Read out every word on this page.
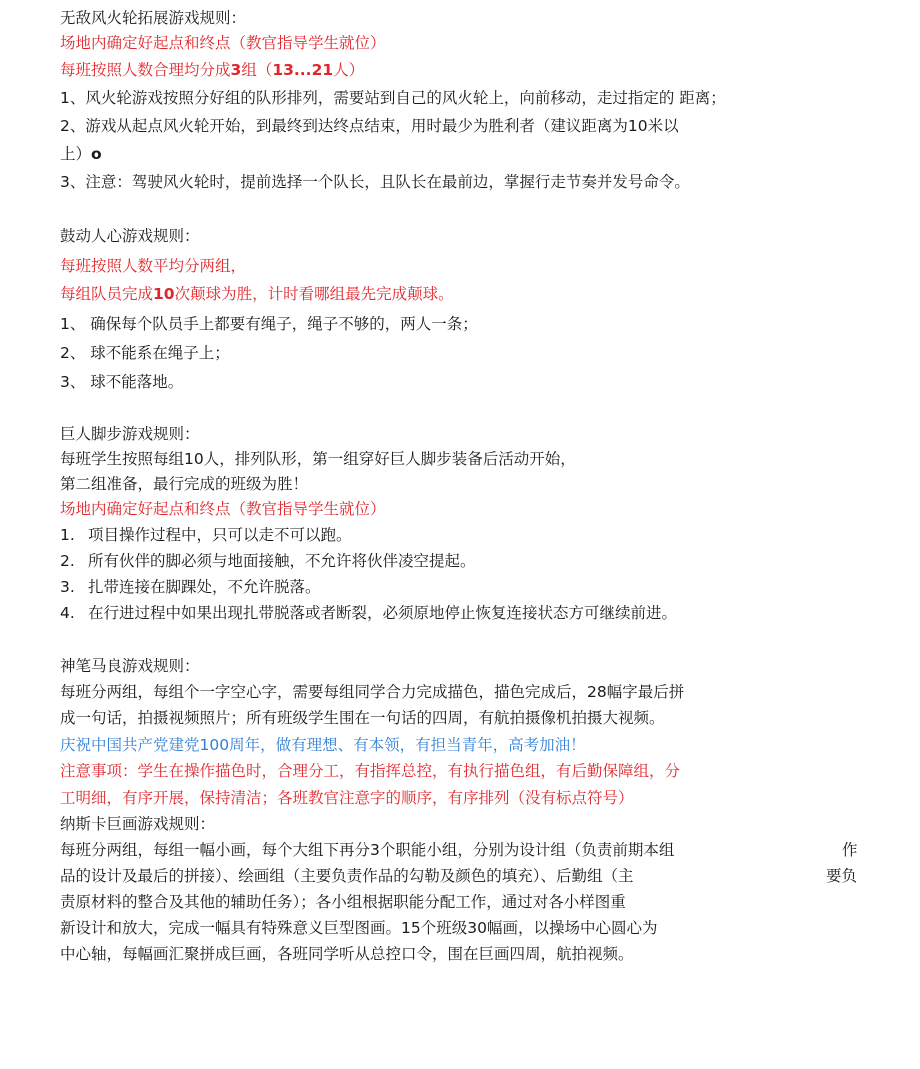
无敌风火轮拓展游戏规则：
场地内确定好起点和终点（教官指导学生就位）
每班按照人数合理均分成3组（13...21人）
1、风火轮游戏按照分好组的队形排列，需要站到自己的风火轮上，向前移动，走过指定的 距离；
2、游戏从起点风火轮开始，到最终到达终点结束，用时最少为胜利者（建议距离为10米以
上）o
3、注意：驾驶风火轮时，提前选择一个队长，且队长在最前边，掌握行走节奏并发号命令。
鼓动人心游戏规则：
每班按照人数平均分两组，
每组队员完成10次颠球为胜，计时看哪组最先完成颠球。
1、 确保每个队员手上都要有绳子，绳子不够的，两人一条；
2、 球不能系在绳子上；
3、 球不能落地。
巨人脚步游戏规则：
每班学生按照每组10人，排列队形，第一组穿好巨人脚步装备后活动开始，
第二组准备，最行完成的班级为胜！
场地内确定好起点和终点（教官指导学生就位）
1. 项目操作过程中，只可以走不可以跑。
2. 所有伙伴的脚必须与地面接触，不允许将伙伴凌空提起。
3. 扎带连接在脚踝处，不允许脱落。
4. 在行进过程中如果出现扎带脱落或者断裂，必须原地停止恢复连接状态方可继续前进。
神笔马良游戏规则：
每班分两组，每组个一字空心字，需要每组同学合力完成描色，描色完成后，28幅字最后拼
成一句话，拍摄视频照片；所有班级学生围在一句话的四周，有航拍摄像机拍摄大视频。
庆祝中国共产党建党100周年，做有理想、有本领，有担当青年，高考加油！
注意事项：学生在操作描色时，合理分工，有指挥总控，有执行描色组，有后勤保障组，分
工明细，有序开展，保持清洁；各班教官注意字的顺序，有序排列（没有标点符号）
纳斯卡巨画游戏规则：
每班分两组，每组一幅小画，每个大组下再分3个职能小组，分别为设计组（负责前期本组	作
品的设计及最后的拼接）、绘画组（主要负责作品的勾勒及颜色的填充）、后勤组（主	要负
责原材料的整合及其他的辅助任务）；各小组根据职能分配工作，通过对各小样图重
新设计和放大，完成一幅具有特殊意义巨型图画。15个班级30幅画，以操场中心圆心为
中心轴，每幅画汇聚拼成巨画，各班同学听从总控口令，围在巨画四周，航拍视频。
